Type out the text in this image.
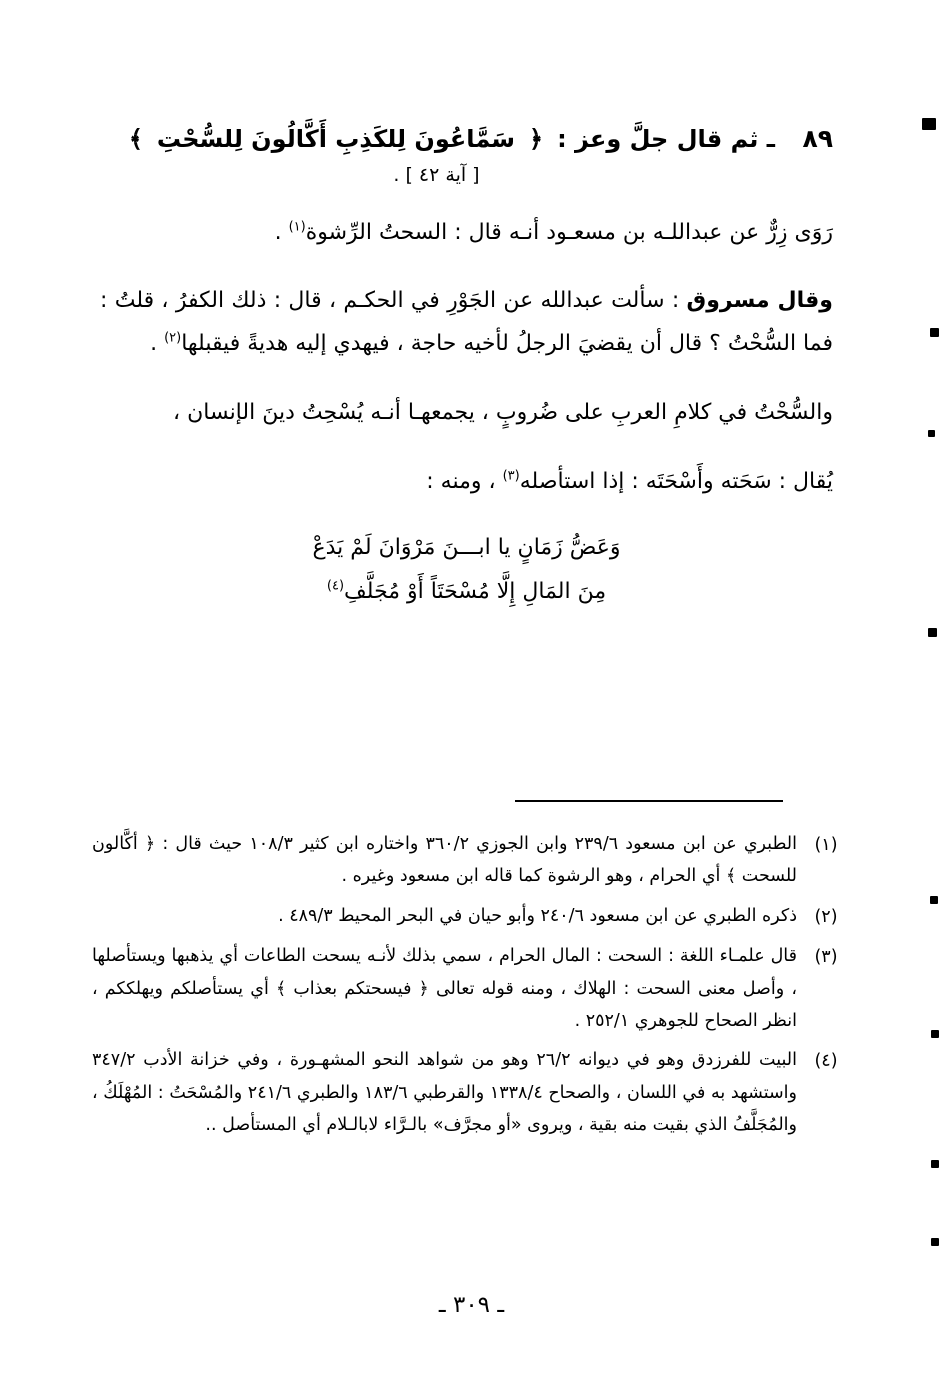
٨٩
ـ ثم قال جلَّ وعز :
﴿
سَمَّاعُونَ لِلكَذِبِ أَكَّالُونَ لِلسُّحْتِ
﴾
[ آية ٤٢ ] .

رَوَى زِرٌّ عن عبداللـه بن مسعـود أنـه قال : السحتُ الرِّشوة$^{(١)}$ .

وقال مسروق : سألت عبدالله عن الجَوْرِ في الحكـم ، قال : ذلك الكفرُ ، قلتُ : فما السُّحْتُ ؟ قال أن يقضيَ الرجلُ لأخيه حاجة ، فيهدي إليه هديةً فيقبلها$^{(٢)}$ .

والسُّحْتُ في كلامِ العربِ على ضُروبٍ ، يجمعهـا أنـه يُسْحِتُ دينَ الإنسان ،

يُقال : سَحَته وأَسْحَتَه : إذا استأصله$^{(٣)}$ ، ومنه :

وَعَضُّ زَمَانٍ يا ابـــنَ مَرْوَانَ لَمْ يَدَعْ
مِنَ المَالِ إِلَّا مُسْحَتَاً أَوْ مُجَلَّفِ$^{(٤)}$
(١)
الطبري عن ابن مسعود ٢٣٩/٦ وابن الجوزي ٣٦٠/٢ واختاره ابن كثير ١٠٨/٣ حيث قال : ﴿ أكَّالون للسحت ﴾ أي الحرام ، وهو الرشوة كما قاله ابن مسعود وغيره .
(٢)
ذكره الطبري عن ابن مسعود ٢٤٠/٦ وأبو حيان في البحر المحيط ٤٨٩/٣ .
(٣)
قال علمـاء اللغة : السحت : المال الحرام ، سمي بذلك لأنـه يسحت الطاعات أي يذهبها ويستأصلها ، وأصل معنى السحت : الهلاك ، ومنه قوله تعالى ﴿ فيسحتكم بعذاب ﴾ أي يستأصلكم ويهلككم ، انظر الصحاح للجوهري ٢٥٢/١ .
(٤)
البيت للفرزدق وهو في ديوانه ٢٦/٢ وهو من شواهد النحو المشهـورة ، وفي خزانة الأدب ٣٤٧/٢ واستشهد به في اللسان ، والصحاح ١٣٣٨/٤ والقرطبي ١٨٣/٦ والطبري ٢٤١/٦ والمُسْحَتُ : المُهْلَكُ ، والمُجَلَّفُ الذي بقيت منه بقية ، ويروى «أو مجرَّف» بالـرَّاء لابالـلام أي المستأصل ..
ـ ٣٠٩ ـ
